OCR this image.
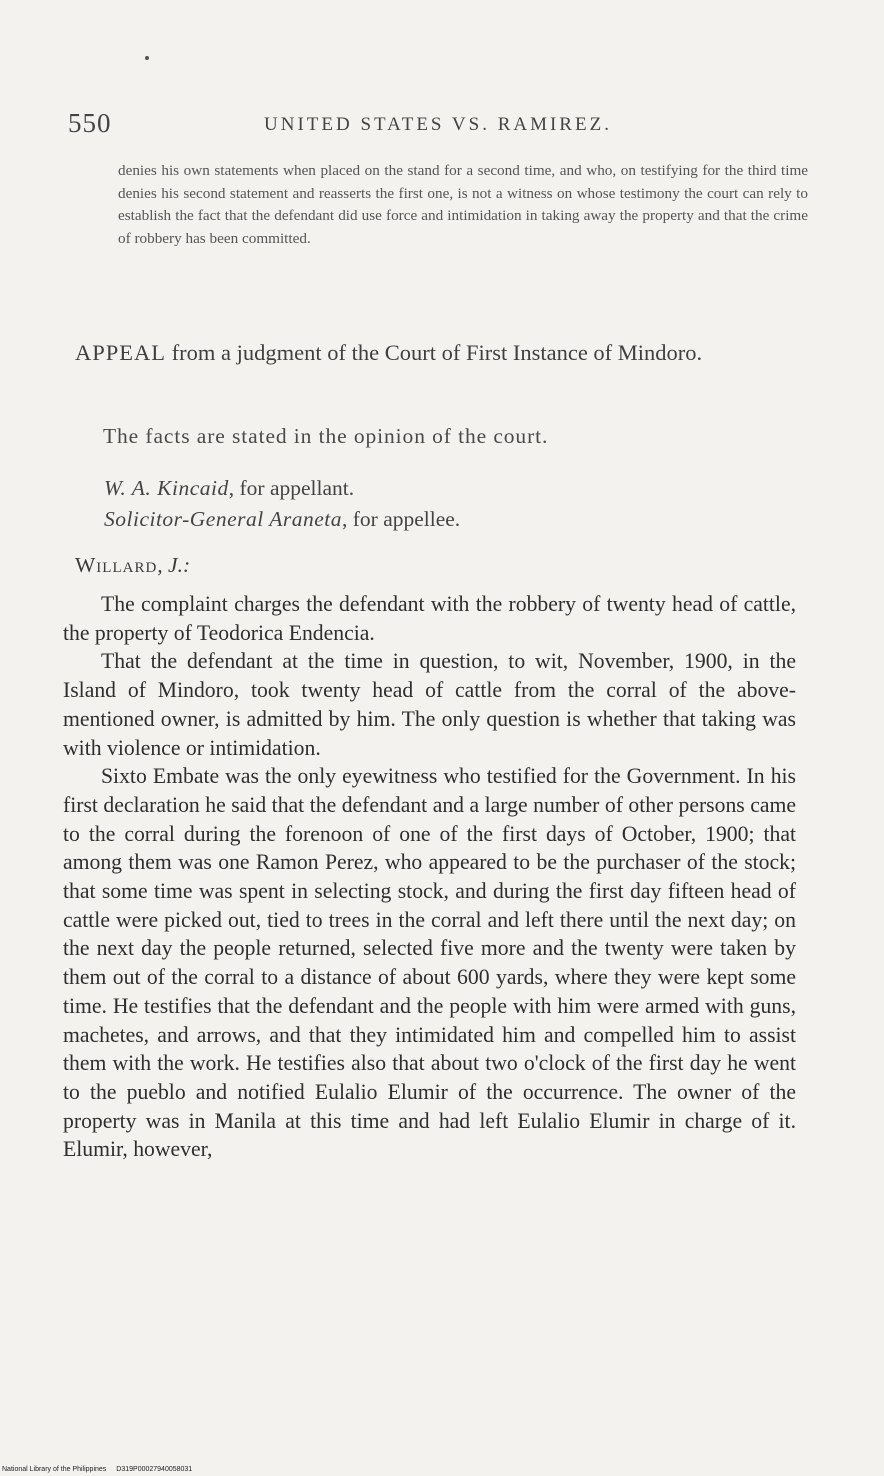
550	UNITED STATES VS. RAMIREZ.
denies his own statements when placed on the stand for a second time, and who, on testifying for the third time denies his second statement and reasserts the first one, is not a witness on whose testimony the court can rely to establish the fact that the defendant did use force and intimidation in taking away the property and that the crime of robbery has been committed.
APPEAL from a judgment of the Court of First Instance of Mindoro.
The facts are stated in the opinion of the court.
W. A. Kincaid, for appellant.
Solicitor-General Araneta, for appellee.
Willard, J.:

The complaint charges the defendant with the robbery of twenty head of cattle, the property of Teodorica Endencia.

That the defendant at the time in question, to wit, November, 1900, in the Island of Mindoro, took twenty head of cattle from the corral of the above-mentioned owner, is admitted by him. The only question is whether that taking was with violence or intimidation.

Sixto Embate was the only eyewitness who testified for the Government. In his first declaration he said that the defendant and a large number of other persons came to the corral during the forenoon of one of the first days of October, 1900; that among them was one Ramon Perez, who appeared to be the purchaser of the stock; that some time was spent in selecting stock, and during the first day fifteen head of cattle were picked out, tied to trees in the corral and left there until the next day; on the next day the people returned, selected five more and the twenty were taken by them out of the corral to a distance of about 600 yards, where they were kept some time. He testifies that the defendant and the people with him were armed with guns, machetes, and arrows, and that they intimidated him and compelled him to assist them with the work. He testifies also that about two o'clock of the first day he went to the pueblo and notified Eulalio Elumir of the occurrence. The owner of the property was in Manila at this time and had left Eulalio Elumir in charge of it. Elumir, however,

National Library of the Philippines D319P00027940058031
